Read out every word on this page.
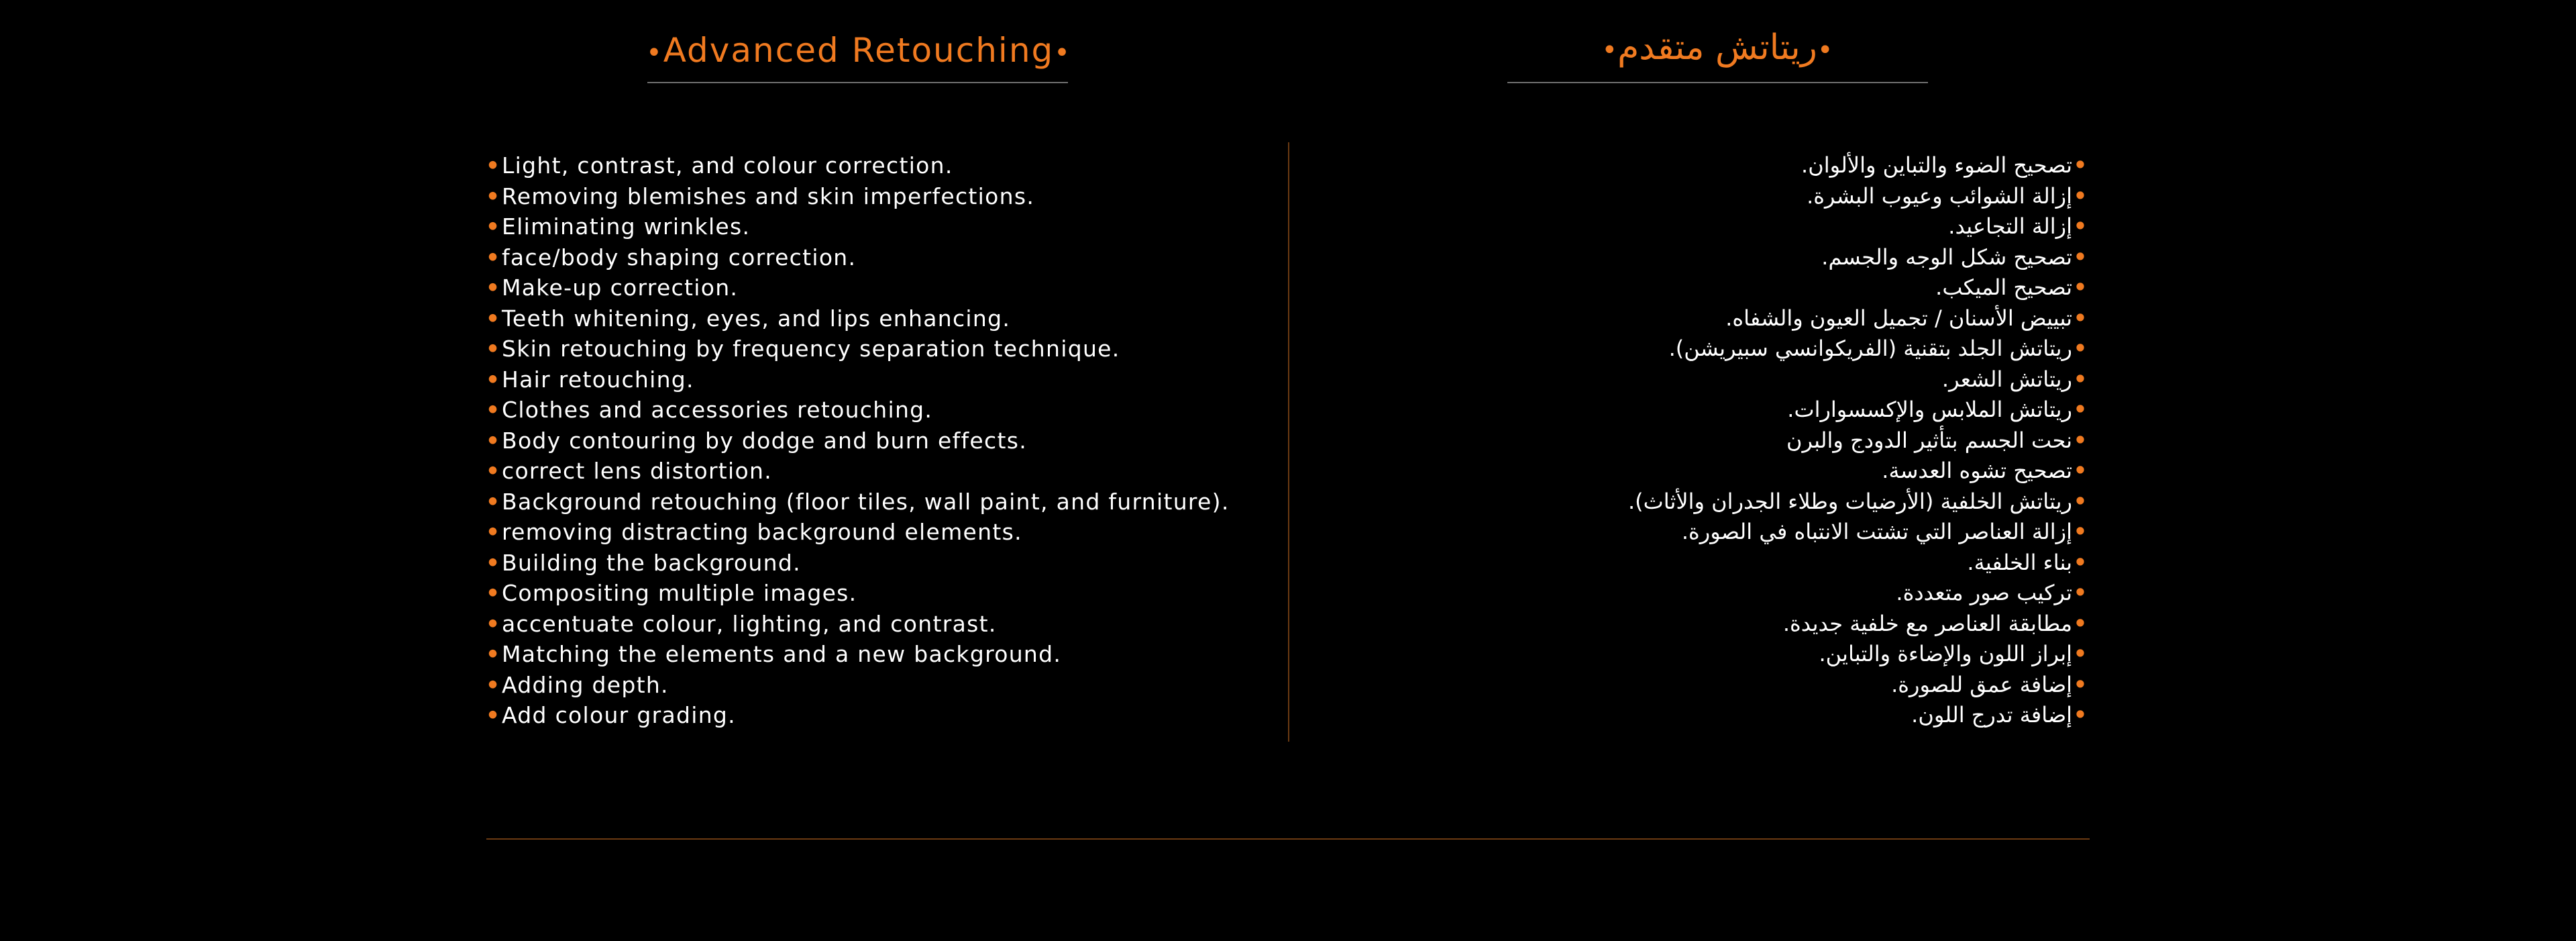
•Advanced Retouching•	•ريتاتش متقدم•
•Light, contrast, and colour correction.
•Removing blemishes and skin imperfections.
•Eliminating wrinkles.
•face/body shaping correction.
•Make-up correction.
•Teeth whitening, eyes, and lips enhancing.
•Skin retouching by frequency separation technique.
•Hair retouching.
•Clothes and accessories retouching.
•Body contouring by dodge and burn effects.
•correct lens distortion.
•Background retouching (floor tiles, wall paint, and furniture).
•removing distracting background elements.
•Building the background.
•Compositing multiple images.
•accentuate colour, lighting, and contrast.
•Matching the elements and a new background.
•Adding depth.
•Add colour grading.
•تصحيح الضوء والتباين والألوان.
•إزالة الشوائب وعيوب البشرة.
•إزالة التجاعيد.
•تصحيح شكل الوجه والجسم.
•تصحيح الميكب.
•تبييض الأسنان / تجميل العيون والشفاه.
•ريتاتش الجلد بتقنية (الفريكوانسي سبيريشن).
•ريتاتش الشعر.
•ريتاتش الملابس والإكسسوارات.
•نحت الجسم بتأثير الدودج والبرن
•تصحيح تشوه العدسة.
•ريتاتش الخلفية (الأرضيات وطلاء الجدران والأثاث).
•إزالة العناصر التي تشتت الانتباه في الصورة.
•بناء الخلفية.
•تركيب صور متعددة.
•مطابقة العناصر مع خلفية جديدة.
•إبراز اللون والإضاءة والتباين.
•إضافة عمق للصورة.
•إضافة تدرج اللون.
